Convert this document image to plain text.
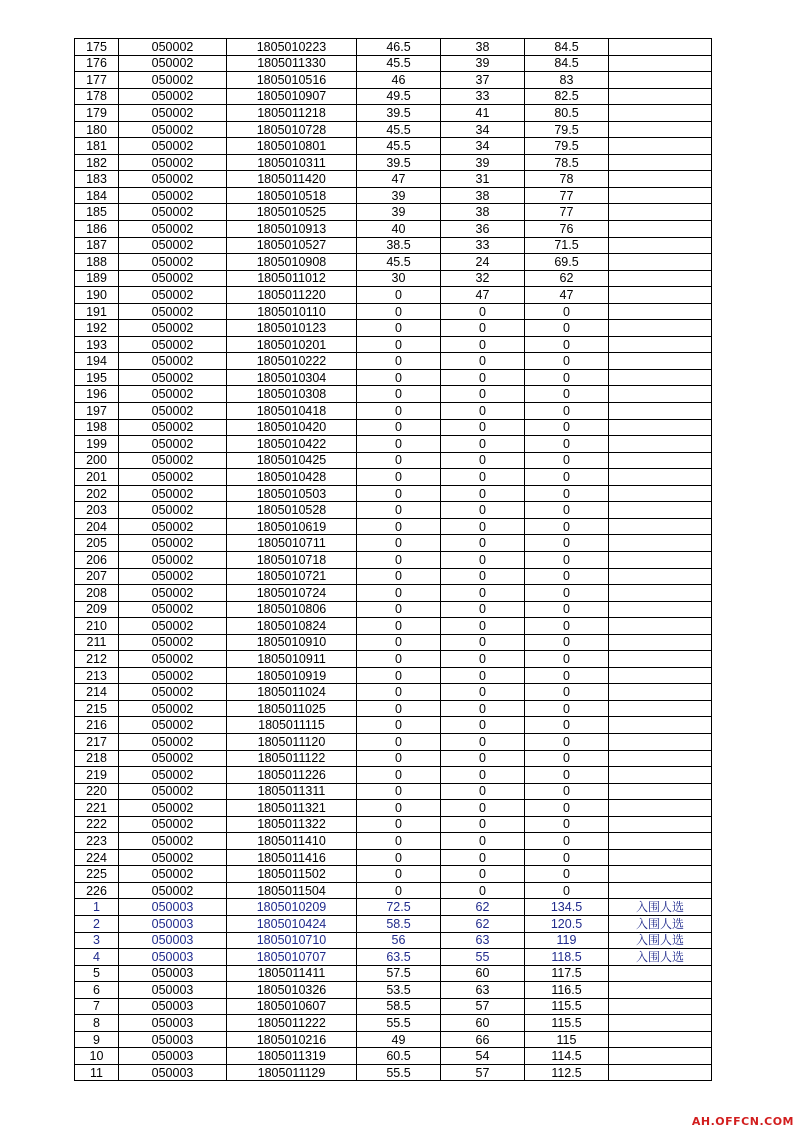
175	050002	1805010223	46.5	38	84.5	
176	050002	1805011330	45.5	39	84.5	
177	050002	1805010516	46	37	83	
178	050002	1805010907	49.5	33	82.5	
179	050002	1805011218	39.5	41	80.5	
180	050002	1805010728	45.5	34	79.5	
181	050002	1805010801	45.5	34	79.5	
182	050002	1805010311	39.5	39	78.5	
183	050002	1805011420	47	31	78	
184	050002	1805010518	39	38	77	
185	050002	1805010525	39	38	77	
186	050002	1805010913	40	36	76	
187	050002	1805010527	38.5	33	71.5	
188	050002	1805010908	45.5	24	69.5	
189	050002	1805011012	30	32	62	
190	050002	1805011220	0	47	47	
191	050002	1805010110	0	0	0	
192	050002	1805010123	0	0	0	
193	050002	1805010201	0	0	0	
194	050002	1805010222	0	0	0	
195	050002	1805010304	0	0	0	
196	050002	1805010308	0	0	0	
197	050002	1805010418	0	0	0	
198	050002	1805010420	0	0	0	
199	050002	1805010422	0	0	0	
200	050002	1805010425	0	0	0	
201	050002	1805010428	0	0	0	
202	050002	1805010503	0	0	0	
203	050002	1805010528	0	0	0	
204	050002	1805010619	0	0	0	
205	050002	1805010711	0	0	0	
206	050002	1805010718	0	0	0	
207	050002	1805010721	0	0	0	
208	050002	1805010724	0	0	0	
209	050002	1805010806	0	0	0	
210	050002	1805010824	0	0	0	
211	050002	1805010910	0	0	0	
212	050002	1805010911	0	0	0	
213	050002	1805010919	0	0	0	
214	050002	1805011024	0	0	0	
215	050002	1805011025	0	0	0	
216	050002	1805011115	0	0	0	
217	050002	1805011120	0	0	0	
218	050002	1805011122	0	0	0	
219	050002	1805011226	0	0	0	
220	050002	1805011311	0	0	0	
221	050002	1805011321	0	0	0	
222	050002	1805011322	0	0	0	
223	050002	1805011410	0	0	0	
224	050002	1805011416	0	0	0	
225	050002	1805011502	0	0	0	
226	050002	1805011504	0	0	0	
1	050003	1805010209	72.5	62	134.5	入围人选
2	050003	1805010424	58.5	62	120.5	入围人选
3	050003	1805010710	56	63	119	入围人选
4	050003	1805010707	63.5	55	118.5	入围人选
5	050003	1805011411	57.5	60	117.5	
6	050003	1805010326	53.5	63	116.5	
7	050003	1805010607	58.5	57	115.5	
8	050003	1805011222	55.5	60	115.5	
9	050003	1805010216	49	66	115	
10	050003	1805011319	60.5	54	114.5	
11	050003	1805011129	55.5	57	112.5	
AH.OFFCN.COM
